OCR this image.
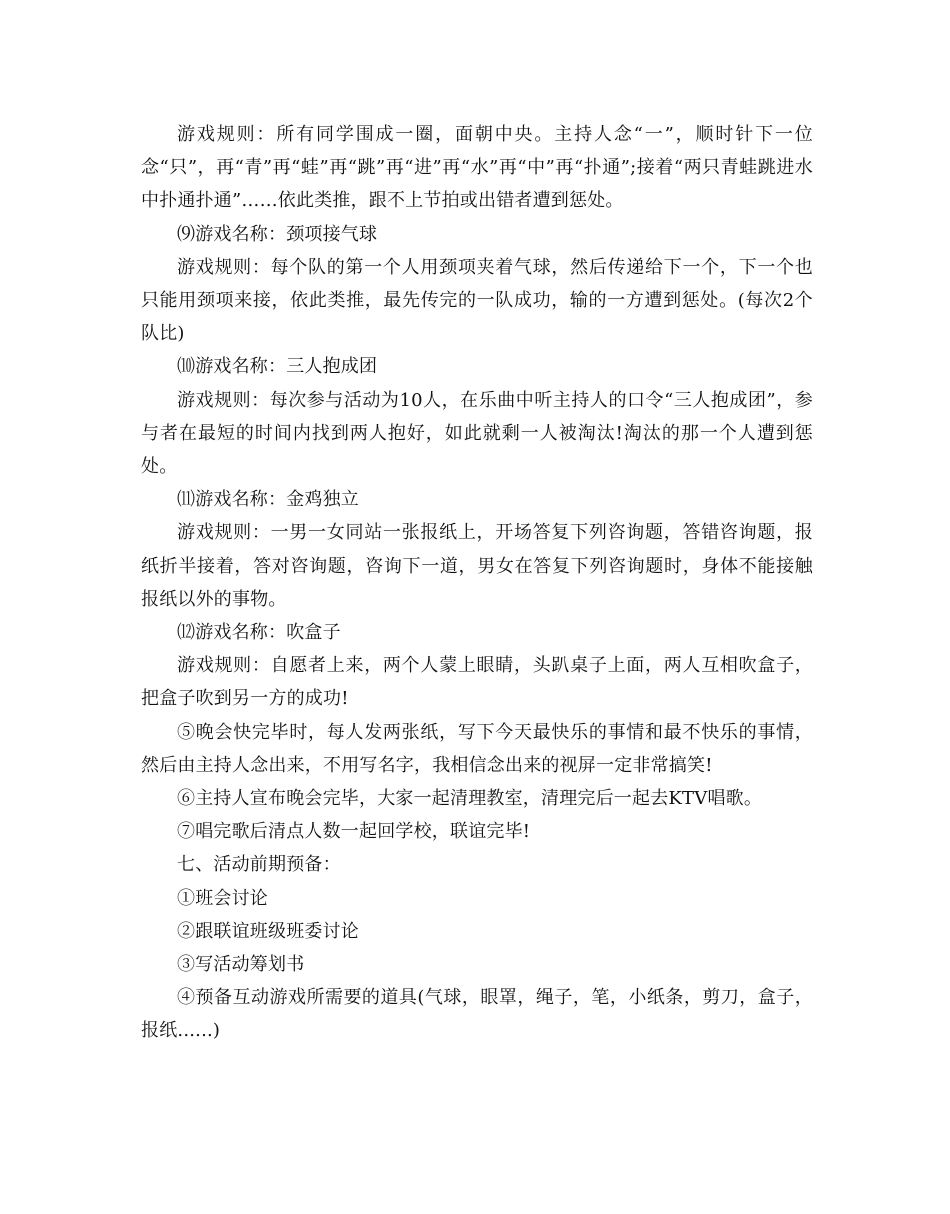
游戏规则：所有同学围成一圈，面朝中央。主持人念“一”，顺时针下一位念“只”，再“青”再“蛙”再“跳”再“进”再“水”再“中”再“扑通”;接着“两只青蛙跳进水中扑通扑通”……依此类推，跟不上节拍或出错者遭到惩处。

⑼游戏名称：颈项接气球

游戏规则：每个队的第一个人用颈项夹着气球，然后传递给下一个，下一个也只能用颈项来接，依此类推，最先传完的一队成功，输的一方遭到惩处。(每次2个队比)

⑽游戏名称：三人抱成团

游戏规则：每次参与活动为10人，在乐曲中听主持人的口令“三人抱成团”，参与者在最短的时间内找到两人抱好，如此就剩一人被淘汰!淘汰的那一个人遭到惩处。

⑾游戏名称：金鸡独立

游戏规则：一男一女同站一张报纸上，开场答复下列咨询题，答错咨询题，报纸折半接着，答对咨询题，咨询下一道，男女在答复下列咨询题时，身体不能接触报纸以外的事物。

⑿游戏名称：吹盒子

游戏规则：自愿者上来，两个人蒙上眼睛，头趴桌子上面，两人互相吹盒子，把盒子吹到另一方的成功!

⑤晚会快完毕时，每人发两张纸，写下今天最快乐的事情和最不快乐的事情，然后由主持人念出来，不用写名字，我相信念出来的视屏一定非常搞笑!

⑥主持人宣布晚会完毕，大家一起清理教室，清理完后一起去KTV唱歌。

⑦唱完歌后清点人数一起回学校，联谊完毕!

七、活动前期预备：

①班会讨论

②跟联谊班级班委讨论

③写活动筹划书

④预备互动游戏所需要的道具(气球，眼罩，绳子，笔，小纸条，剪刀，盒子，报纸......)
